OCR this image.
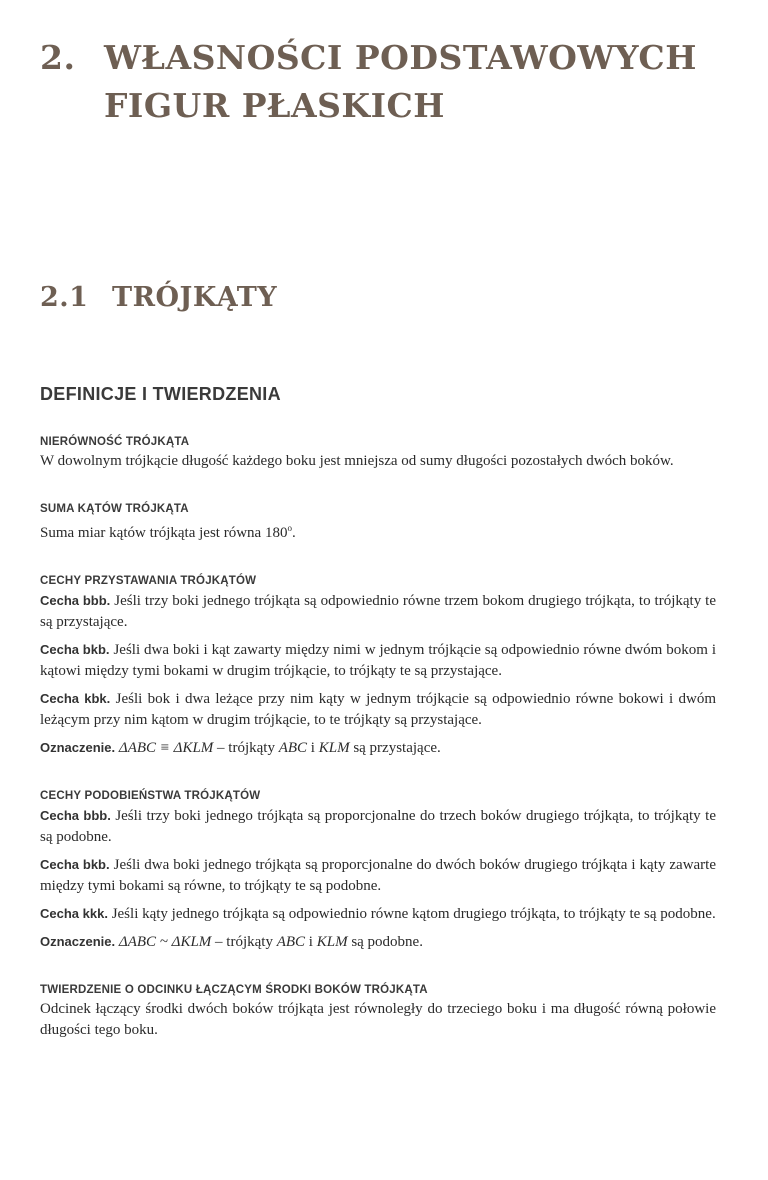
2. WŁASNOŚCI PODSTAWOWYCH
FIGUR PŁASKICH
2.1 TRÓJKĄTY
DEFINICJE I TWIERDZENIA
NIERÓWNOŚĆ TRÓJKĄTA

W dowolnym trójkącie długość każdego boku jest mniejsza od sumy długości pozostałych dwóch boków.

SUMA KĄTÓW TRÓJKĄTA

Suma miar kątów trójkąta jest równa 180$^o$.

CECHY PRZYSTAWANIA TRÓJKĄTÓW

Cecha bbb. Jeśli trzy boki jednego trójkąta są odpowiednio równe trzem bokom drugiego trójkąta, to trójkąty te są przystające.

Cecha bkb. Jeśli dwa boki i kąt zawarty między nimi w jednym trójkącie są odpowiednio równe dwóm bokom i kątowi między tymi bokami w drugim trójkącie, to trójkąty te są przystające.

Cecha kbk. Jeśli bok i dwa leżące przy nim kąty w jednym trójkącie są odpowiednio równe bokowi i dwóm leżącym przy nim kątom w drugim trójkącie, to te trójkąty są przystające.

Oznaczenie. ΔABC ≡ ΔKLM – trójkąty ABC i KLM są przystające.

CECHY PODOBIEŃSTWA TRÓJKĄTÓW

Cecha bbb. Jeśli trzy boki jednego trójkąta są proporcjonalne do trzech boków drugiego trójkąta, to trójkąty te są podobne.

Cecha bkb. Jeśli dwa boki jednego trójkąta są proporcjonalne do dwóch boków drugiego trójkąta i kąty zawarte między tymi bokami są równe, to trójkąty te są podobne.

Cecha kkk. Jeśli kąty jednego trójkąta są odpowiednio równe kątom drugiego trójkąta, to trójkąty te są podobne.

Oznaczenie. ΔABC ~ ΔKLM – trójkąty ABC i KLM są podobne.

TWIERDZENIE O ODCINKU ŁĄCZĄCYM ŚRODKI BOKÓW TRÓJKĄTA

Odcinek łączący środki dwóch boków trójkąta jest równoległy do trzeciego boku i ma długość równą połowie długości tego boku.
